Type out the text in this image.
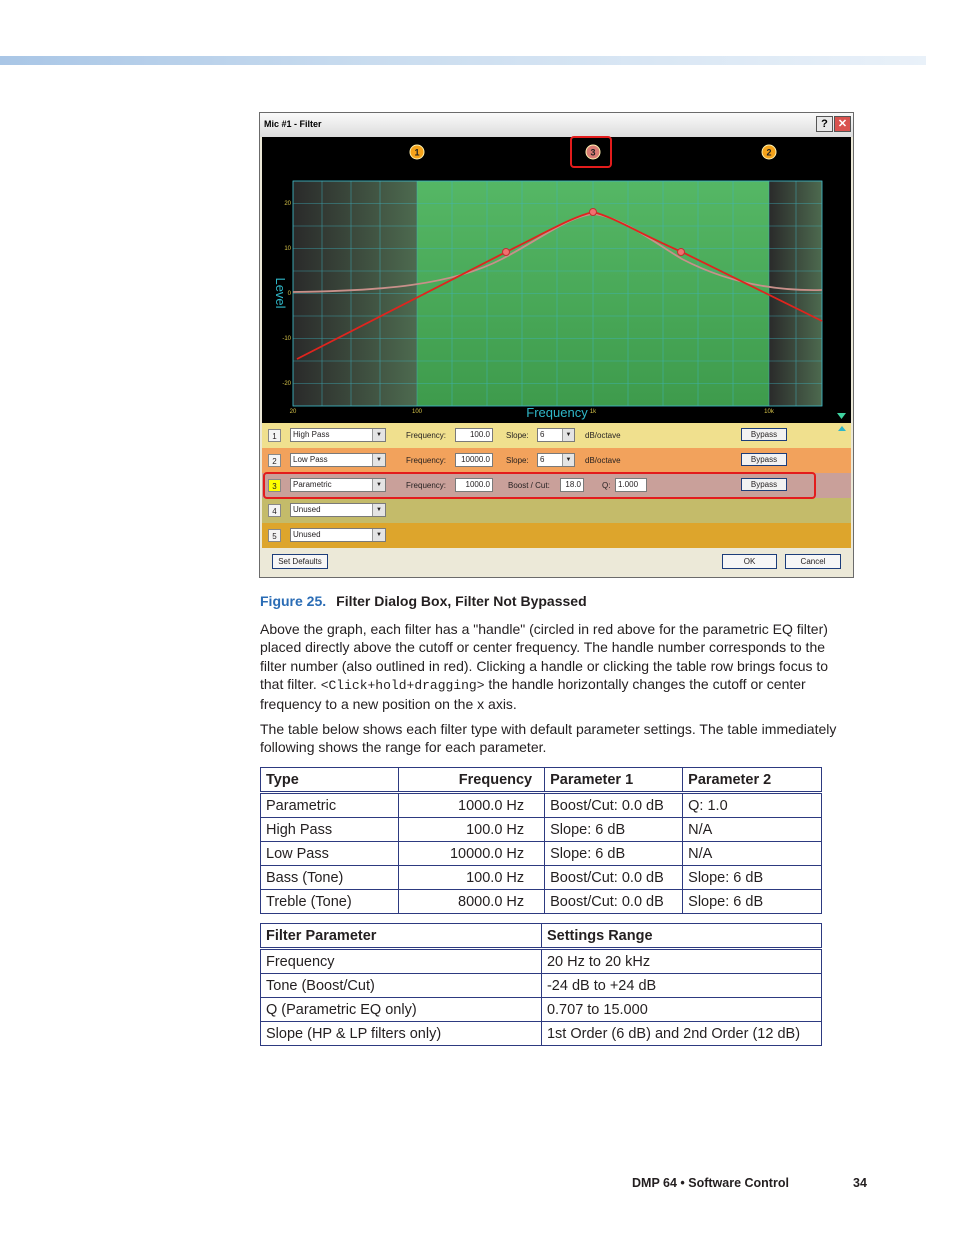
Mic #1 - Filter	? ✕
1	3	2
20
10
0
-10
-20
20	100	1k	10k
Level
Frequency
1	High Pass	▼	Frequency:	100.0	Slope:	6	▼	dB/octave	Bypass
2	Low Pass	▼	Frequency:	10000.0	Slope:	6	▼	dB/octave	Bypass
3	Parametric	▼	Frequency:	1000.0	Boost / Cut:	18.0	Q: 1.000	Bypass
4	Unused	▼
5	Unused	▼
Set Defaults	OK	Cancel
Figure 25. Filter Dialog Box, Filter Not Bypassed
Above the graph, each filter has a "handle" (circled in red above for the parametric EQ filter) placed directly above the cutoff or center frequency. The handle number corresponds to the filter number (also outlined in red). Clicking a handle or clicking the table row brings focus to that filter. <Click+hold+dragging> the handle horizontally changes the cutoff or center frequency to a new position on the x axis.
The table below shows each filter type with default parameter settings. The table immediately following shows the range for each parameter.
Type	Frequency	Parameter 1	Parameter 2
Parametric	1000.0 Hz	Boost/Cut: 0.0 dB	Q: 1.0
High Pass	100.0 Hz	Slope: 6 dB	N/A
Low Pass	10000.0 Hz	Slope: 6 dB	N/A
Bass (Tone)	100.0 Hz	Boost/Cut: 0.0 dB	Slope: 6 dB
Treble (Tone)	8000.0 Hz	Boost/Cut: 0.0 dB	Slope: 6 dB
Filter Parameter	Settings Range
Frequency	20 Hz to 20 kHz
Tone (Boost/Cut)	-24 dB to +24 dB
Q (Parametric EQ only)	0.707 to 15.000
Slope (HP & LP filters only)	1st Order (6 dB) and 2nd Order (12 dB)
DMP 64 • Software Control	34
